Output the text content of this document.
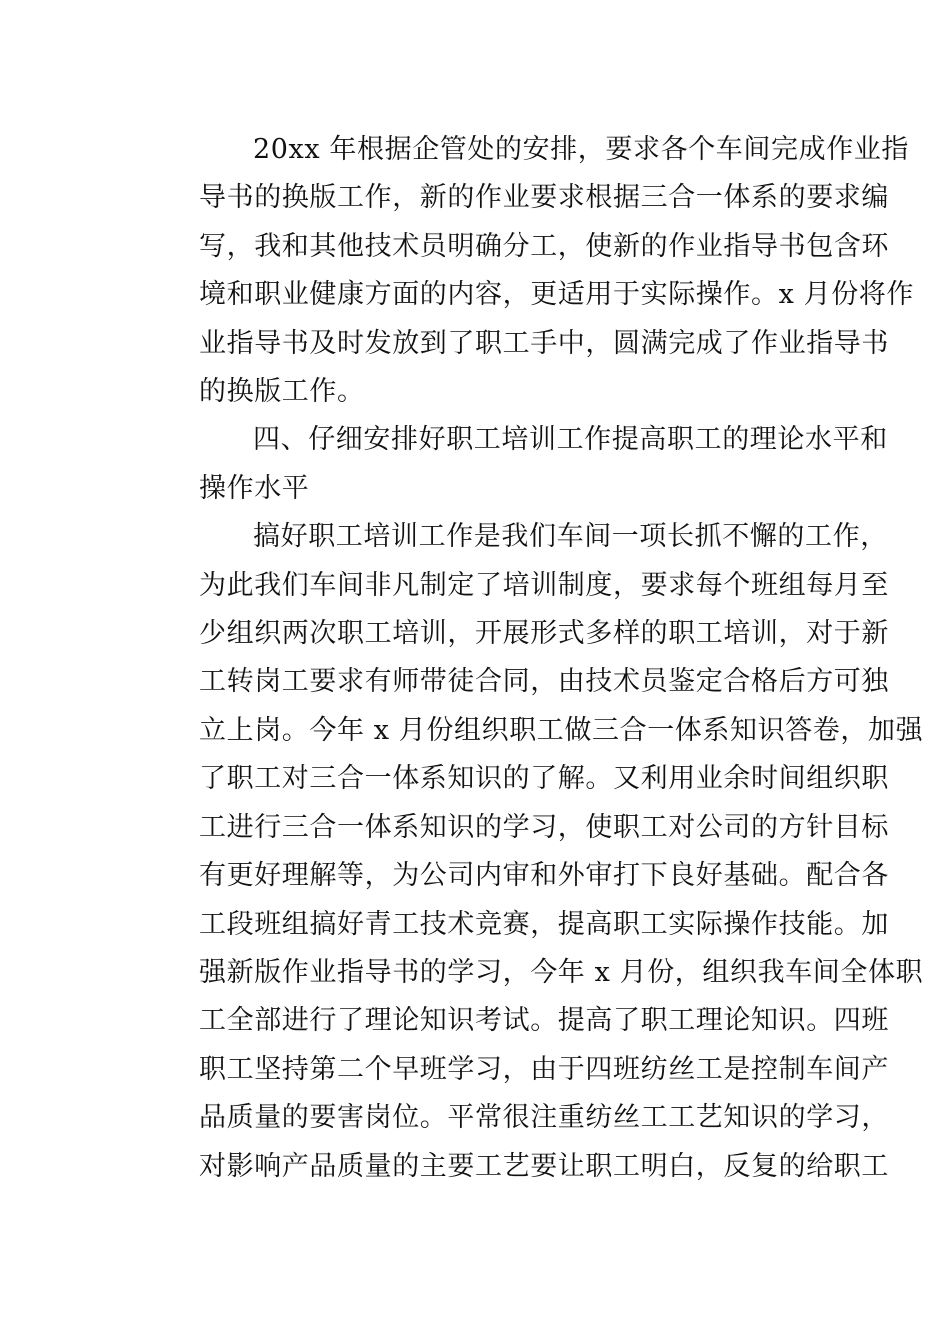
20xx 年根据企管处的安排，要求各个车间完成作业指
导书的换版工作，新的作业要求根据三合一体系的要求编
写，我和其他技术员明确分工，使新的作业指导书包含环
境和职业健康方面的内容，更适用于实际操作。x 月份将作
业指导书及时发放到了职工手中，圆满完成了作业指导书
的换版工作。
四、仔细安排好职工培训工作提高职工的理论水平和
操作水平
搞好职工培训工作是我们车间一项长抓不懈的工作，
为此我们车间非凡制定了培训制度，要求每个班组每月至
少组织两次职工培训，开展形式多样的职工培训，对于新
工转岗工要求有师带徒合同，由技术员鉴定合格后方可独
立上岗。今年 x 月份组织职工做三合一体系知识答卷，加强
了职工对三合一体系知识的了解。又利用业余时间组织职
工进行三合一体系知识的学习，使职工对公司的方针目标
有更好理解等，为公司内审和外审打下良好基础。配合各
工段班组搞好青工技术竞赛，提高职工实际操作技能。加
强新版作业指导书的学习，今年 x 月份，组织我车间全体职
工全部进行了理论知识考试。提高了职工理论知识。四班
职工坚持第二个早班学习，由于四班纺丝工是控制车间产
品质量的要害岗位。平常很注重纺丝工工艺知识的学习，
对影响产品质量的主要工艺要让职工明白，反复的给职工
